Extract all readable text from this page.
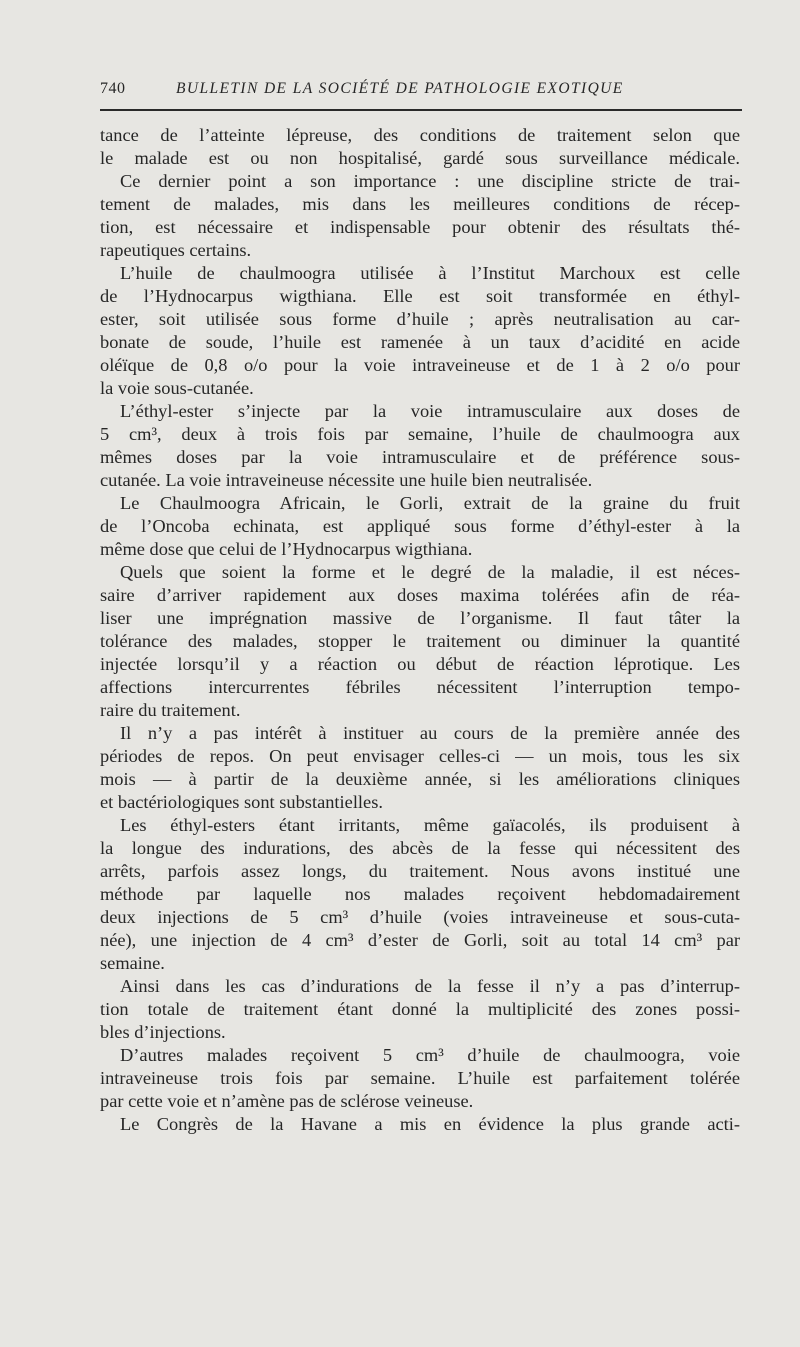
740	BULLETIN DE LA SOCIÉTÉ DE PATHOLOGIE EXOTIQUE
tance de l’atteinte lépreuse, des conditions de traitement selon que
le malade est ou non hospitalisé, gardé sous surveillance médicale.
Ce dernier point a son importance : une discipline stricte de trai-
tement de malades, mis dans les meilleures conditions de récep-
tion, est nécessaire et indispensable pour obtenir des résultats thé-
rapeutiques certains.
L’huile de chaulmoogra utilisée à l’Institut Marchoux est celle
de l’Hydnocarpus wigthiana. Elle est soit transformée en éthyl-
ester, soit utilisée sous forme d’huile ; après neutralisation au car-
bonate de soude, l’huile est ramenée à un taux d’acidité en acide
oléïque de 0,8 o/o pour la voie intraveineuse et de 1 à 2 o/o pour
la voie sous-cutanée.
L’éthyl-ester s’injecte par la voie intramusculaire aux doses de
5 cm³, deux à trois fois par semaine, l’huile de chaulmoogra aux
mêmes doses par la voie intramusculaire et de préférence sous-
cutanée. La voie intraveineuse nécessite une huile bien neutralisée.
Le Chaulmoogra Africain, le Gorli, extrait de la graine du fruit
de l’Oncoba echinata, est appliqué sous forme d’éthyl-ester à la
même dose que celui de l’Hydnocarpus wigthiana.
Quels que soient la forme et le degré de la maladie, il est néces-
saire d’arriver rapidement aux doses maxima tolérées afin de réa-
liser une imprégnation massive de l’organisme. Il faut tâter la
tolérance des malades, stopper le traitement ou diminuer la quantité
injectée lorsqu’il y a réaction ou début de réaction léprotique. Les
affections intercurrentes fébriles nécessitent l’interruption tempo-
raire du traitement.
Il n’y a pas intérêt à instituer au cours de la première année des
périodes de repos. On peut envisager celles-ci — un mois, tous les six
mois — à partir de la deuxième année, si les améliorations cliniques
et bactériologiques sont substantielles.
Les éthyl-esters étant irritants, même gaïacolés, ils produisent à
la longue des indurations, des abcès de la fesse qui nécessitent des
arrêts, parfois assez longs, du traitement. Nous avons institué une
méthode par laquelle nos malades reçoivent hebdomadairement
deux injections de 5 cm³ d’huile (voies intraveineuse et sous-cuta-
née), une injection de 4 cm³ d’ester de Gorli, soit au total 14 cm³ par
semaine.
Ainsi dans les cas d’indurations de la fesse il n’y a pas d’interrup-
tion totale de traitement étant donné la multiplicité des zones possi-
bles d’injections.
D’autres malades reçoivent 5 cm³ d’huile de chaulmoogra, voie
intraveineuse trois fois par semaine. L’huile est parfaitement tolérée
par cette voie et n’amène pas de sclérose veineuse.
Le Congrès de la Havane a mis en évidence la plus grande acti-
